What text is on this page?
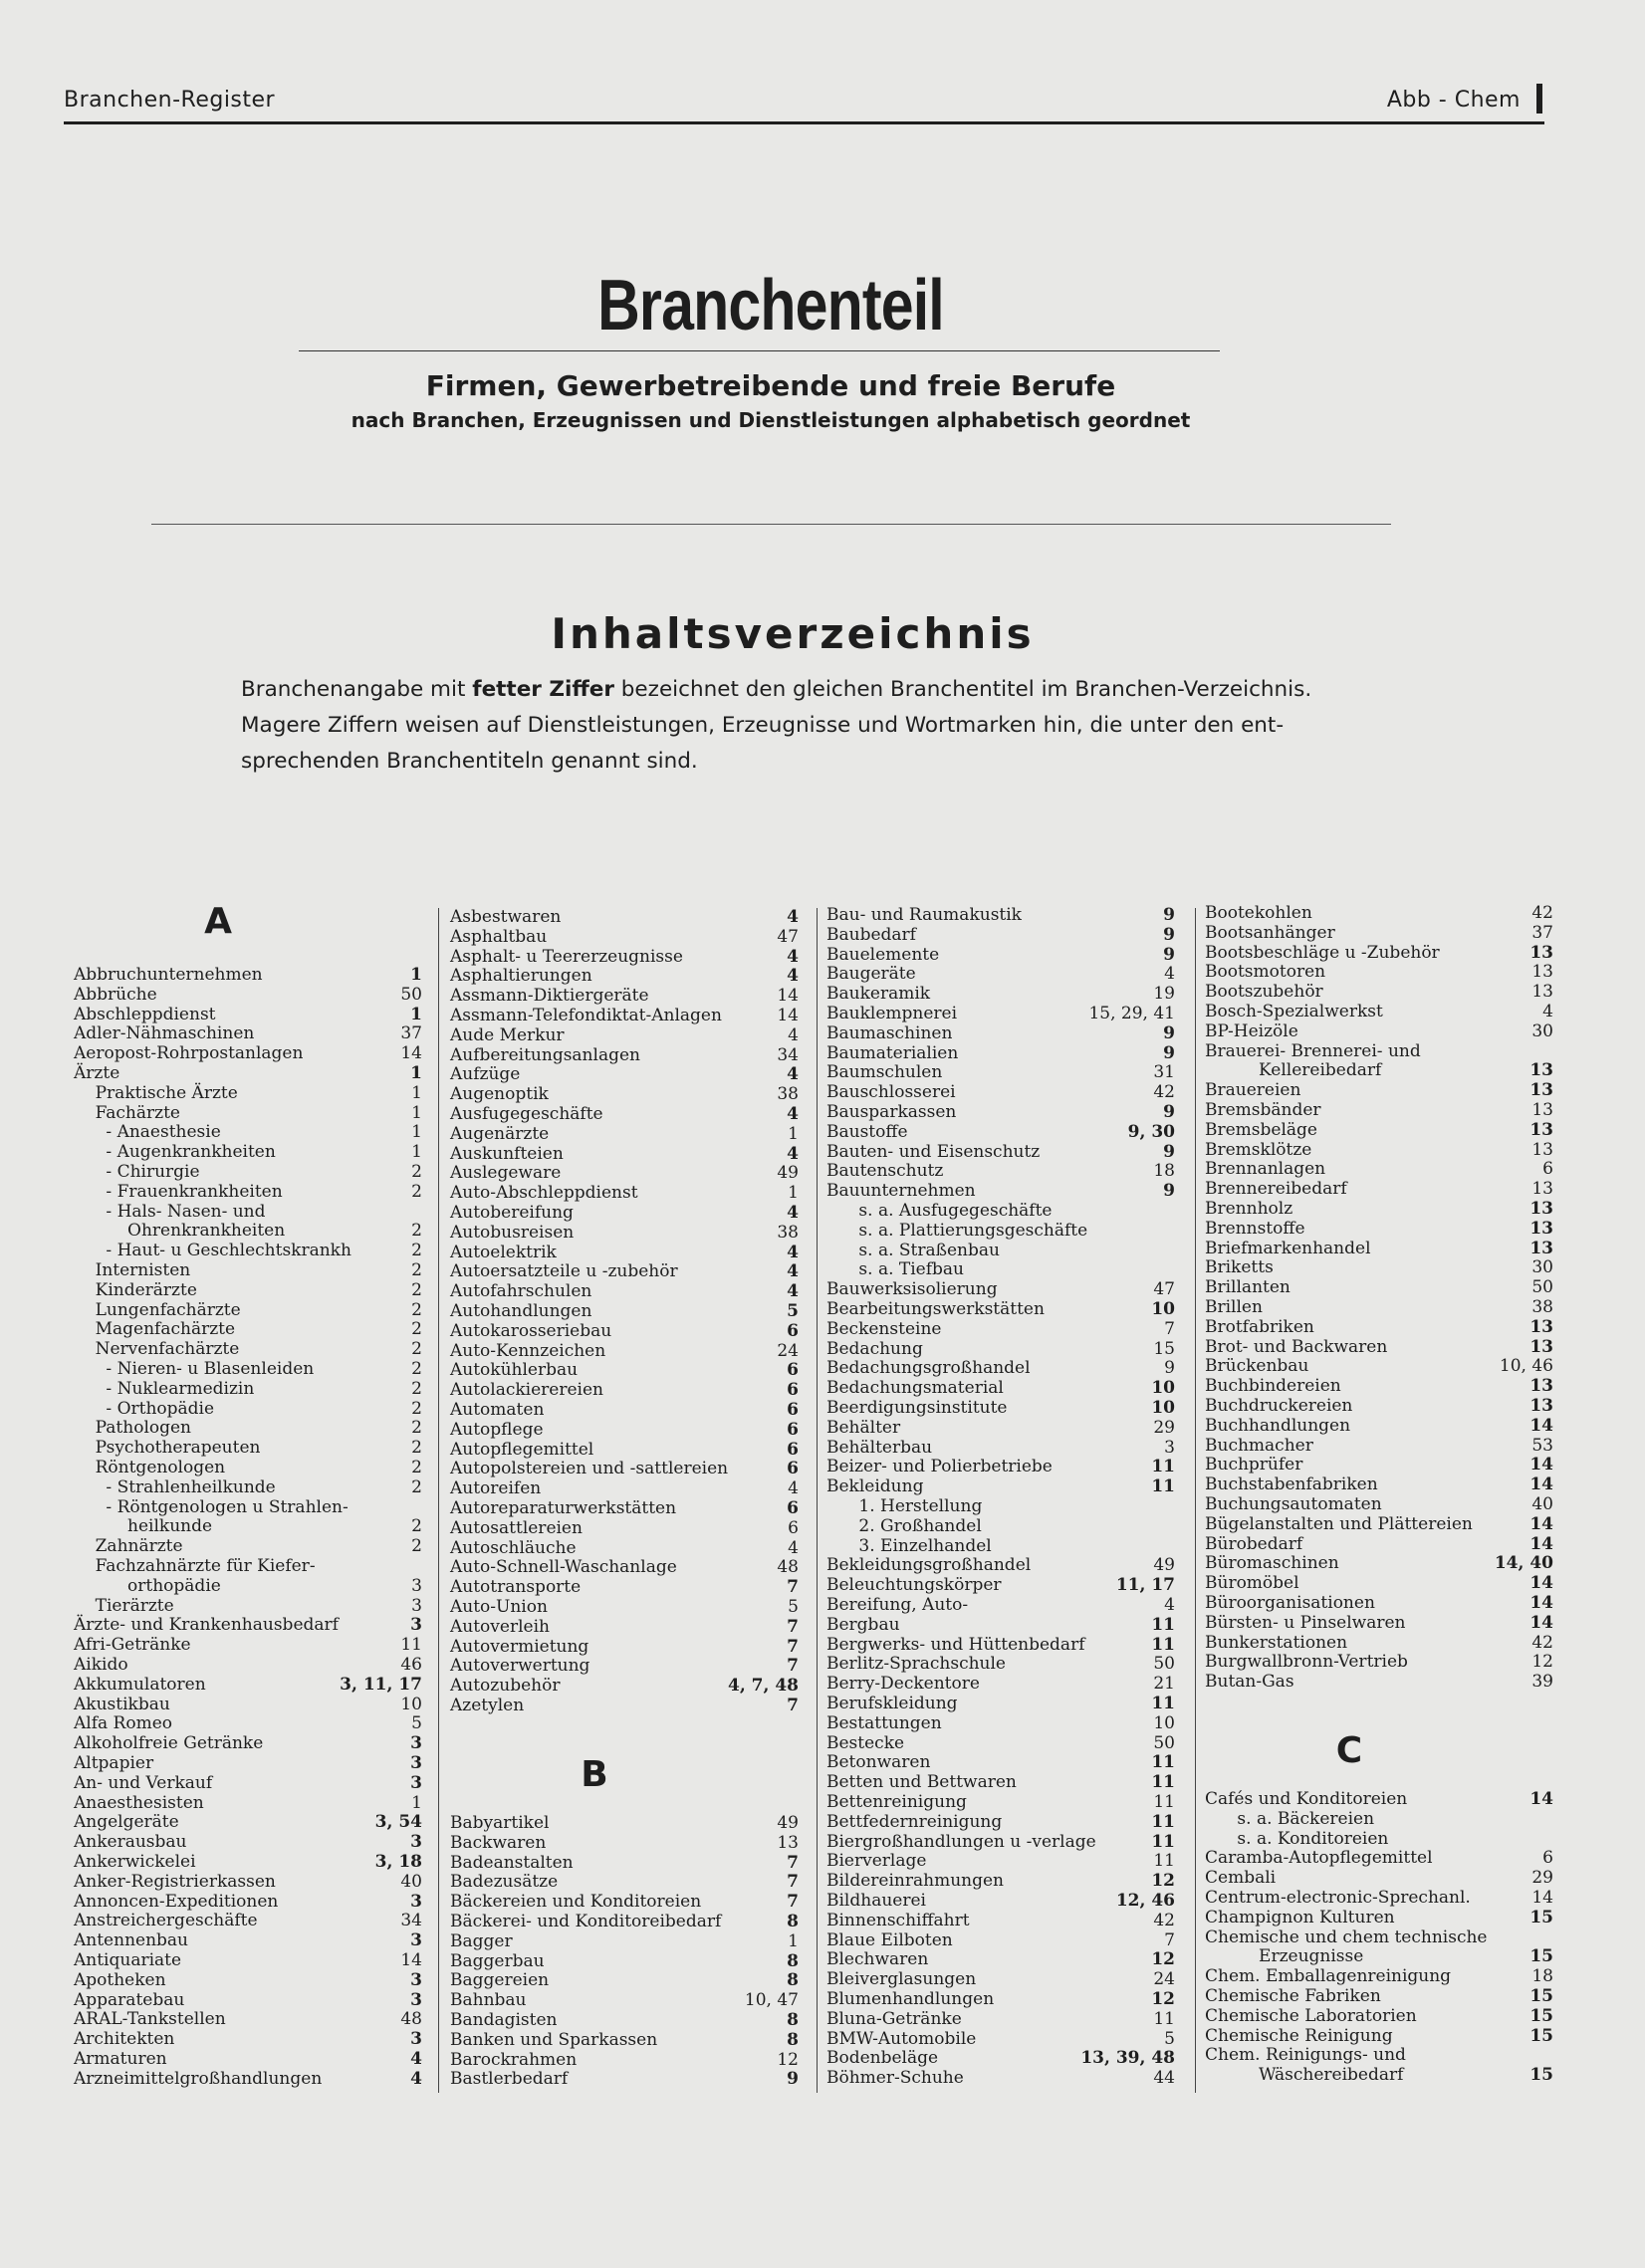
Branchen-Register	Abb - Chem
Branchenteil
Firmen, Gewerbetreibende und freie Berufe
nach Branchen, Erzeugnissen und Dienstleistungen alphabetisch geordnet
Inhaltsverzeichnis
Branchenangabe mit fetter Ziffer bezeichnet den gleichen Branchentitel im Branchen-Verzeichnis.
Magere Ziffern weisen auf Dienstleistungen, Erzeugnisse und Wortmarken hin, die unter den ent-
sprechenden Branchentiteln genannt sind.
A
Abbruchunternehmen	1
Abbrüche	50
Abschleppdienst	1
Adler-Nähmaschinen	37
Aeropost-Rohrpostanlagen	14
Ärzte	1
Praktische Ärzte	1
Fachärzte	1
- Anaesthesie	1
- Augenkrankheiten	1
- Chirurgie	2
- Frauenkrankheiten	2
- Hals- Nasen- und
Ohrenkrankheiten	2
- Haut- u Geschlechtskrankh	2
Internisten	2
Kinderärzte	2
Lungenfachärzte	2
Magenfachärzte	2
Nervenfachärzte	2
- Nieren- u Blasenleiden	2
- Nuklearmedizin	2
- Orthopädie	2
Pathologen	2
Psychotherapeuten	2
Röntgenologen	2
- Strahlenheilkunde	2
- Röntgenologen u Strahlen-
heilkunde	2
Zahnärzte	2
Fachzahnärzte für Kiefer-
orthopädie	3
Tierärzte	3
Ärzte- und Krankenhausbedarf	3
Afri-Getränke	11
Aikido	46
Akkumulatoren	3, 11, 17
Akustikbau	10
Alfa Romeo	5
Alkoholfreie Getränke	3
Altpapier	3
An- und Verkauf	3
Anaesthesisten	1
Angelgeräte	3, 54
Ankerausbau	3
Ankerwickelei	3, 18
Anker-Registrierkassen	40
Annoncen-Expeditionen	3
Anstreichergeschäfte	34
Antennenbau	3
Antiquariate	14
Apotheken	3
Apparatebau	3
ARAL-Tankstellen	48
Architekten	3
Armaturen	4
Arzneimittelgroßhandlungen	4
Asbestwaren	4
Asphaltbau	47
Asphalt- u Teererzeugnisse	4
Asphaltierungen	4
Assmann-Diktiergeräte	14
Assmann-Telefondiktat-Anlagen	14
Aude Merkur	4
Aufbereitungsanlagen	34
Aufzüge	4
Augenoptik	38
Ausfugegeschäfte	4
Augenärzte	1
Auskunfteien	4
Auslegeware	49
Auto-Abschleppdienst	1
Autobereifung	4
Autobusreisen	38
Autoelektrik	4
Autoersatzteile u -zubehör	4
Autofahrschulen	4
Autohandlungen	5
Autokarosseriebau	6
Auto-Kennzeichen	24
Autokühlerbau	6
Autolackierereien	6
Automaten	6
Autopflege	6
Autopflegemittel	6
Autopolstereien und -sattlereien	6
Autoreifen	4
Autoreparaturwerkstätten	6
Autosattlereien	6
Autoschläuche	4
Auto-Schnell-Waschanlage	48
Autotransporte	7
Auto-Union	5
Autoverleih	7
Autovermietung	7
Autoverwertung	7
Autozubehör	4, 7, 48
Azetylen	7
B
Babyartikel	49
Backwaren	13
Badeanstalten	7
Badezusätze	7
Bäckereien und Konditoreien	7
Bäckerei- und Konditoreibedarf	8
Bagger	1
Baggerbau	8
Baggereien	8
Bahnbau	10, 47
Bandagisten	8
Banken und Sparkassen	8
Barockrahmen	12
Bastlerbedarf	9
Bau- und Raumakustik	9
Baubedarf	9
Bauelemente	9
Baugeräte	4
Baukeramik	19
Bauklempnerei	15, 29, 41
Baumaschinen	9
Baumaterialien	9
Baumschulen	31
Bauschlosserei	42
Bausparkassen	9
Baustoffe	9, 30
Bauten- und Eisenschutz	9
Bautenschutz	18
Bauunternehmen	9
s. a. Ausfugegeschäfte
s. a. Plattierungsgeschäfte
s. a. Straßenbau
s. a. Tiefbau
Bauwerksisolierung	47
Bearbeitungswerkstätten	10
Beckensteine	7
Bedachung	15
Bedachungsgroßhandel	9
Bedachungsmaterial	10
Beerdigungsinstitute	10
Behälter	29
Behälterbau	3
Beizer- und Polierbetriebe	11
Bekleidung	11
1. Herstellung
2. Großhandel
3. Einzelhandel
Bekleidungsgroßhandel	49
Beleuchtungskörper	11, 17
Bereifung, Auto-	4
Bergbau	11
Bergwerks- und Hüttenbedarf	11
Berlitz-Sprachschule	50
Berry-Deckentore	21
Berufskleidung	11
Bestattungen	10
Bestecke	50
Betonwaren	11
Betten und Bettwaren	11
Bettenreinigung	11
Bettfedernreinigung	11
Biergroßhandlungen u -verlage	11
Bierverlage	11
Bildereinrahmungen	12
Bildhauerei	12, 46
Binnenschiffahrt	42
Blaue Eilboten	7
Blechwaren	12
Bleiverglasungen	24
Blumenhandlungen	12
Bluna-Getränke	11
BMW-Automobile	5
Bodenbeläge	13, 39, 48
Böhmer-Schuhe	44
Bootekohlen	42
Bootsanhänger	37
Bootsbeschläge u -Zubehör	13
Bootsmotoren	13
Bootszubehör	13
Bosch-Spezialwerkst	4
BP-Heizöle	30
Brauerei- Brennerei- und
Kellereibedarf	13
Brauereien	13
Bremsbänder	13
Bremsbeläge	13
Bremsklötze	13
Brennanlagen	6
Brennereibedarf	13
Brennholz	13
Brennstoffe	13
Briefmarkenhandel	13
Briketts	30
Brillanten	50
Brillen	38
Brotfabriken	13
Brot- und Backwaren	13
Brückenbau	10, 46
Buchbindereien	13
Buchdruckereien	13
Buchhandlungen	14
Buchmacher	53
Buchprüfer	14
Buchstabenfabriken	14
Buchungsautomaten	40
Bügelanstalten und Plättereien	14
Bürobedarf	14
Büromaschinen	14, 40
Büromöbel	14
Büroorganisationen	14
Bürsten- u Pinselwaren	14
Bunkerstationen	42
Burgwallbronn-Vertrieb	12
Butan-Gas	39
C
Cafés und Konditoreien	14
s. a. Bäckereien
s. a. Konditoreien
Caramba-Autopflegemittel	6
Cembali	29
Centrum-electronic-Sprechanl.	14
Champignon Kulturen	15
Chemische und chem technische
Erzeugnisse	15
Chem. Emballagenreinigung	18
Chemische Fabriken	15
Chemische Laboratorien	15
Chemische Reinigung	15
Chem. Reinigungs- und
Wäschereibedarf	15
